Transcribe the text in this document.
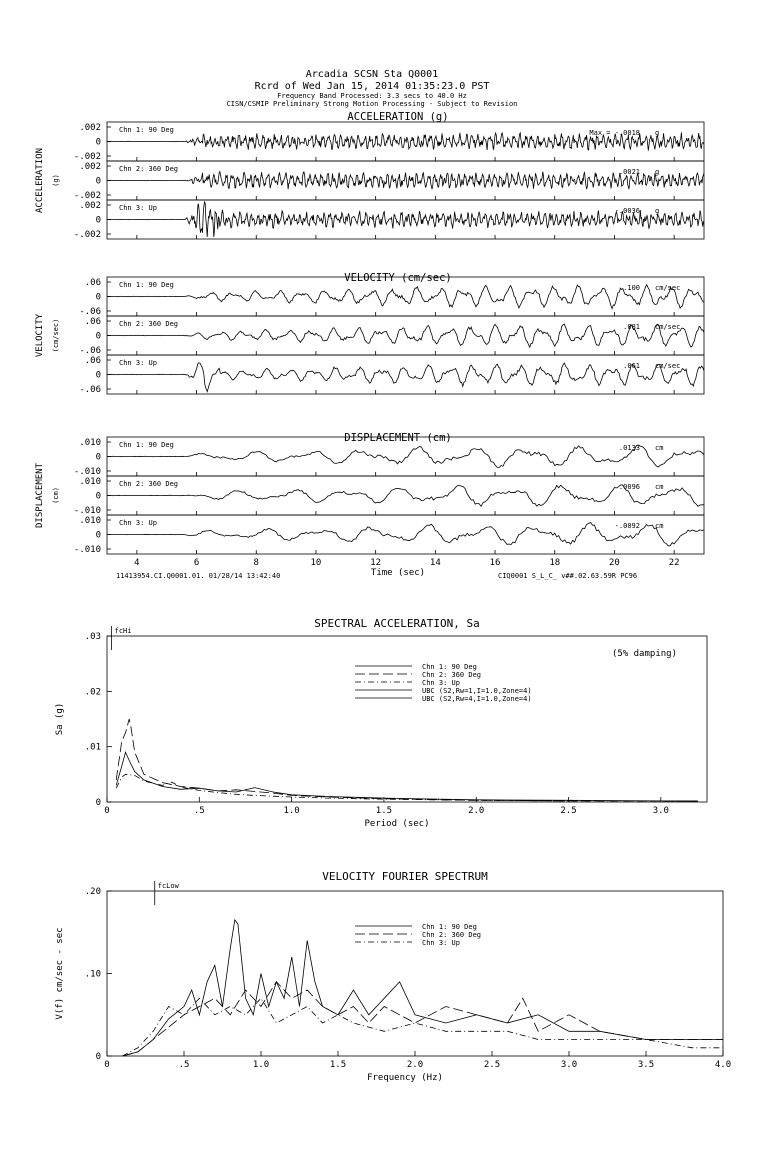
Arcadia SCSN Sta Q0001
Rcrd of Wed Jan 15, 2014 01:35:23.0 PST
Frequency Band Processed: 3.3 secs to 40.0 Hz
CISN/CSMIP Preliminary Strong Motion Processing - Subject to Revision
ACCELERATION (g)
ACCELERATION (g)
.002
0
-.002
Chn 1: 90 Deg	Max = -.0018 g
.002
0
-.002
Chn 2: 360 Deg	.0021 g
.002
0
-.002
Chn 3: Up	-.0036 g
VELOCITY (cm/sec)
VELOCITY (cm/sec)
.06
0
-.06
Chn 1: 90 Deg	.100 cm/sec
.06
0
-.06
Chn 2: 360 Deg	.081 cm/sec
.06
0
-.06
Chn 3: Up	.061 cm/sec
DISPLACEMENT (cm)
DISPLACEMENT (cm)
.010
0
-.010
Chn 1: 90 Deg	.0133 cm
.010
0
-.010
Chn 2: 360 Deg	.0096 cm
.010
0
-.010
Chn 3: Up	-.0092 cm
4	6	8	10	12	14	16	18	20	22
Time (sec)
11413954.CI.Q0001.01. 01/28/14 13:42:40	CIQ0001 S_L_C_ v##.02.63.59R PC96
SPECTRAL ACCELERATION, Sa
0	.5	1.0	1.5	2.0	2.5	3.0
0
.01
.02
.03
Period (sec)
Sa (g)
fcHi
(5% damping)
Chn 1: 90 Deg
Chn 2: 360 Deg
Chn 3: Up
UBC (S2,Rw=1,I=1.0,Zone=4)
UBC (S2,Rw=4,I=1.0,Zone=4)
VELOCITY FOURIER SPECTRUM
0	.5	1.0	1.5	2.0	2.5	3.0	3.5	4.0
0
.10
.20
Frequency (Hz)
V(f) cm/sec - sec
fcLow
Chn 1: 90 Deg
Chn 2: 360 Deg
Chn 3: Up
